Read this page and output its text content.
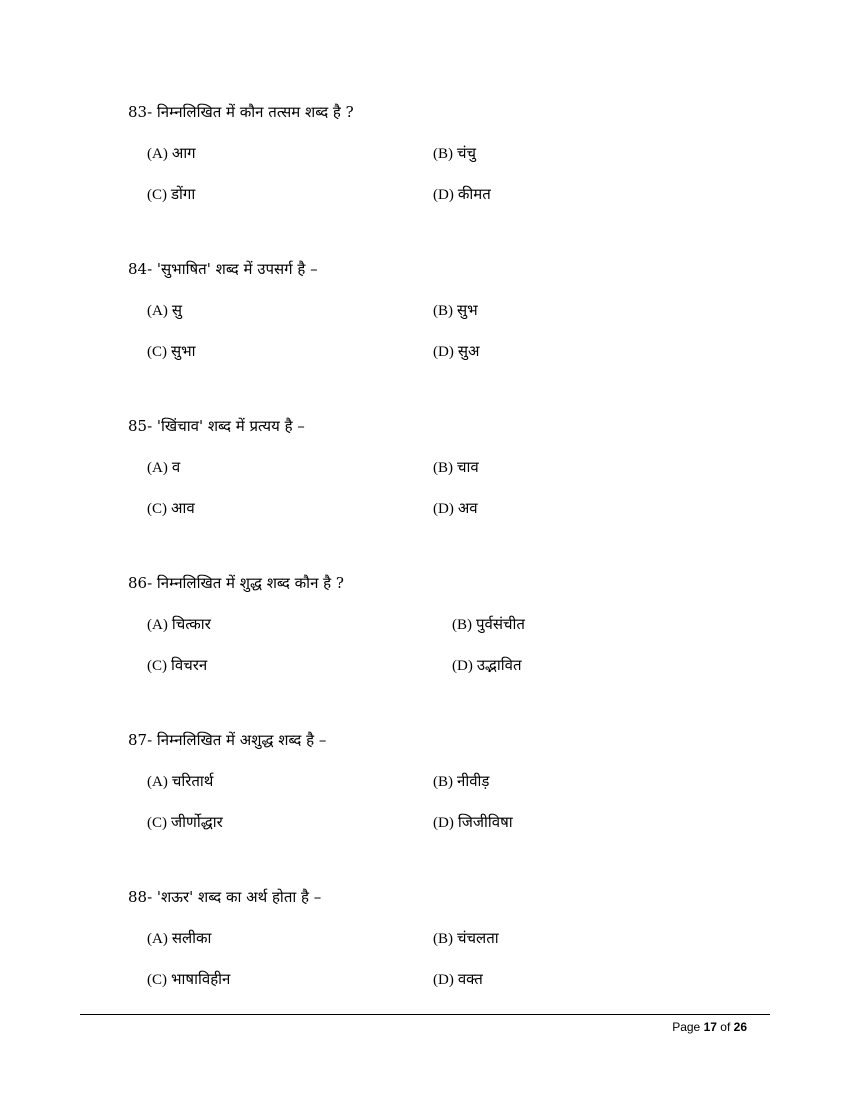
83- निम्नलिखित में कौन तत्सम शब्द है ?
(A) आग	(B) चंचु
(C) डोंगा	(D) कीमत
84- 'सुभाषित' शब्द में उपसर्ग है –
(A) सु	(B) सुभ
(C) सुभा	(D) सुअ
85- 'खिंचाव' शब्द में प्रत्यय है –
(A) व	(B) चाव
(C) आव	(D) अव
86- निम्नलिखित में शुद्ध शब्द कौन है ?
(A) चित्कार	(B) पुर्वसंचीत
(C) विचरन	(D) उद्भावित
87- निम्नलिखित में अशुद्ध शब्द है –
(A) चरितार्थ	(B) नीवीड़
(C) जीर्णोद्धार	(D) जिजीविषा
88- 'शऊर' शब्द का अर्थ होता है –
(A) सलीका	(B) चंचलता
(C) भाषाविहीन	(D) वक्त
Page 17 of 26
